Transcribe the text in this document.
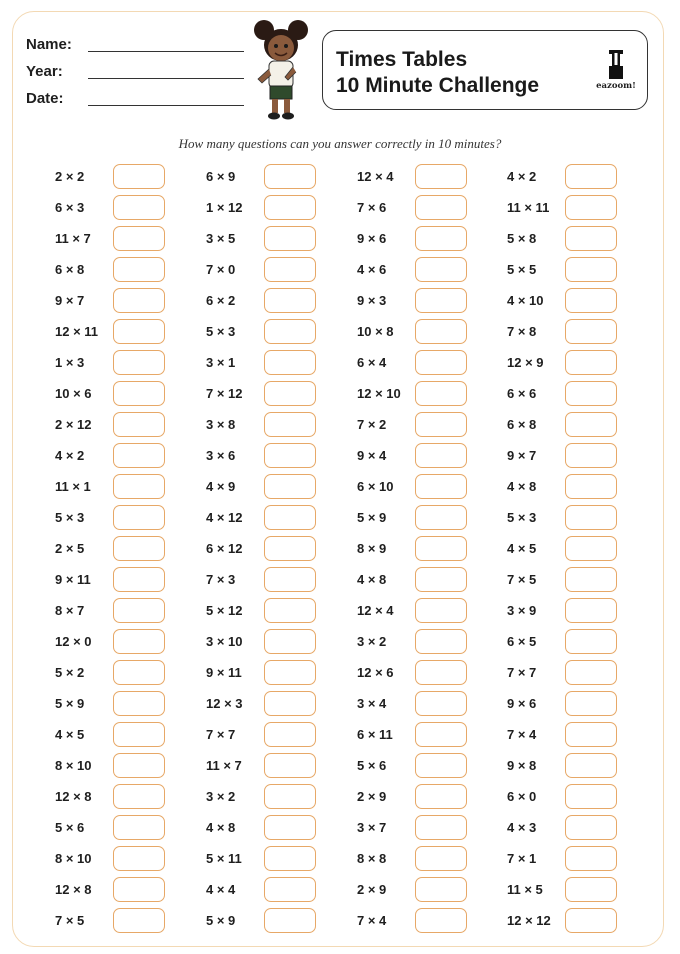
Name:
Year:
Date:
Times Tables
10 Minute Challenge	eazoom!
How many questions can you answer correctly in 10 minutes?
2 × 2
6 × 3
11 × 7
6 × 8
9 × 7
12 × 11
1 × 3
10 × 6
2 × 12
4 × 2
11 × 1
5 × 3
2 × 5
9 × 11
8 × 7
12 × 0
5 × 2
5 × 9
4 × 5
8 × 10
12 × 8
5 × 6
8 × 10
12 × 8
7 × 5
6 × 9
1 × 12
3 × 5
7 × 0
6 × 2
5 × 3
3 × 1
7 × 12
3 × 8
3 × 6
4 × 9
4 × 12
6 × 12
7 × 3
5 × 12
3 × 10
9 × 11
12 × 3
7 × 7
11 × 7
3 × 2
4 × 8
5 × 11
4 × 4
5 × 9
12 × 4
7 × 6
9 × 6
4 × 6
9 × 3
10 × 8
6 × 4
12 × 10
7 × 2
9 × 4
6 × 10
5 × 9
8 × 9
4 × 8
12 × 4
3 × 2
12 × 6
3 × 4
6 × 11
5 × 6
2 × 9
3 × 7
8 × 8
2 × 9
7 × 4
4 × 2
11 × 11
5 × 8
5 × 5
4 × 10
7 × 8
12 × 9
6 × 6
6 × 8
9 × 7
4 × 8
5 × 3
4 × 5
7 × 5
3 × 9
6 × 5
7 × 7
9 × 6
7 × 4
9 × 8
6 × 0
4 × 3
7 × 1
11 × 5
12 × 12
